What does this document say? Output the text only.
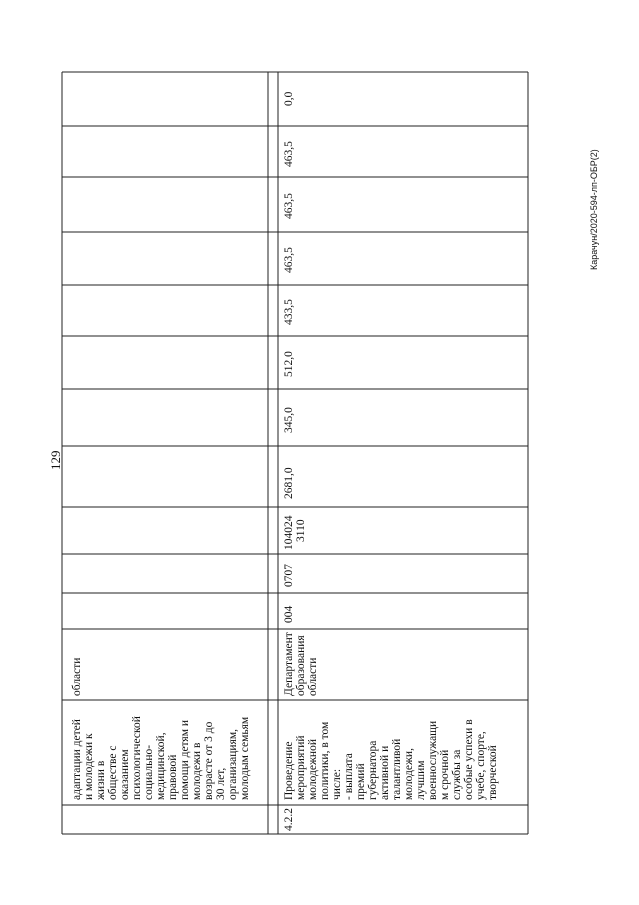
129
Карачун/2020-594-лп-ОБР(2)
адаптации детей и молодежи к жизни в обществе с оказанием психологической социально- медицинской, правовой помощи детям и молодежи в возрасте от 3 до 30 лет, организациям, молодым семьям
области
0,0
4.2.2
Проведение мероприятий молодежной политики, в том числе: - выплата премий губернатора активной и талантливой молодежи, лучшим военнослужащи м срочной службы за особые успехи в учебе, спорте, творческой
Департамент образования области
004
0707
104024 3110
2681,0
345,0
512,0
433,5
463,5
463,5
463,5
